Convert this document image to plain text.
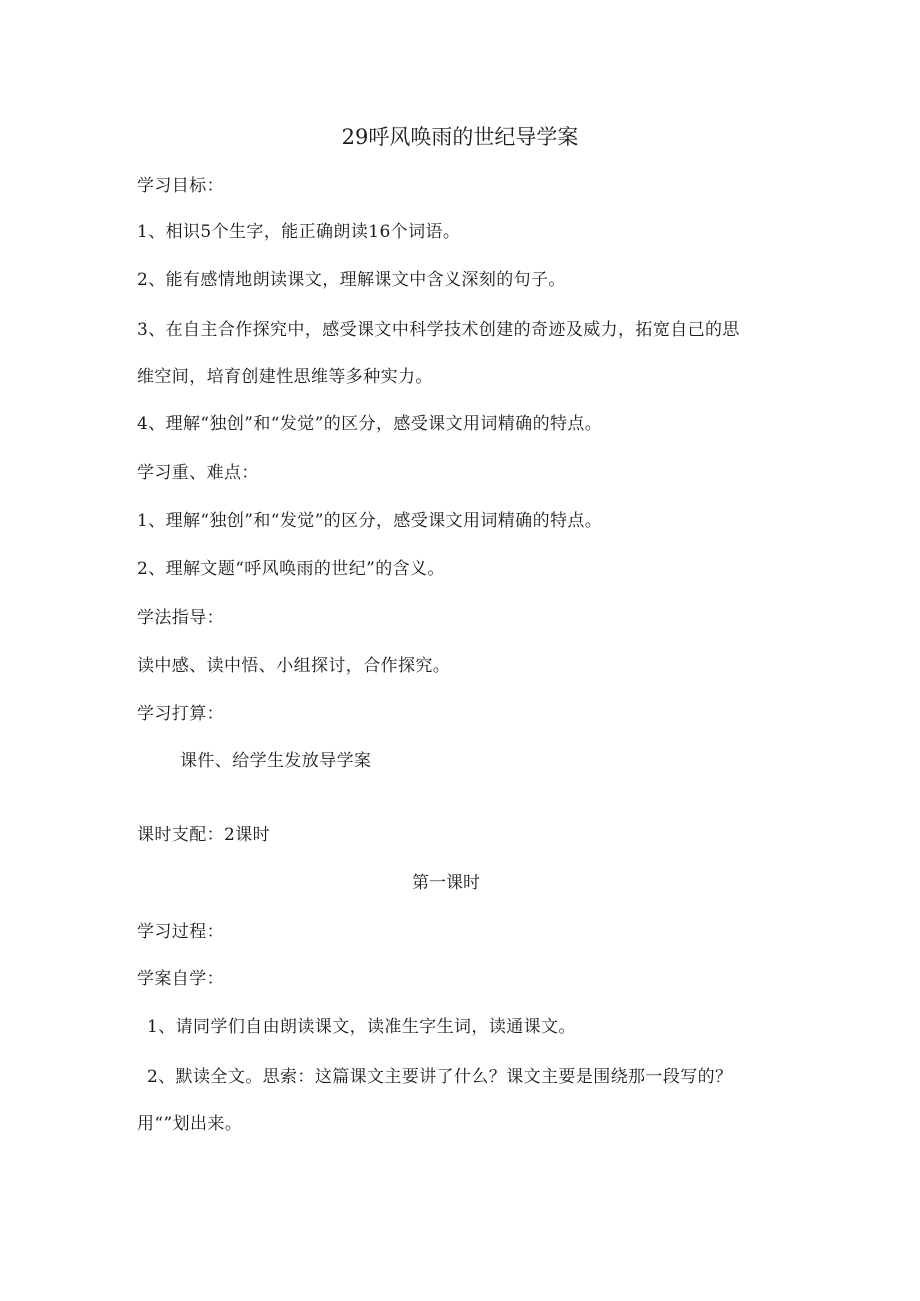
29呼风唤雨的世纪导学案
学习目标：
1、相识5个生字，能正确朗读16个词语。
2、能有感情地朗读课文，理解课文中含义深刻的句子。
3、在自主合作探究中，感受课文中科学技术创建的奇迹及威力，拓宽自己的思
维空间，培育创建性思维等多种实力。
4、理解“独创”和“发觉”的区分，感受课文用词精确的特点。
学习重、难点：
1、理解“独创”和“发觉”的区分，感受课文用词精确的特点。
2、理解文题“呼风唤雨的世纪”的含义。
学法指导：
读中感、读中悟、小组探讨，合作探究。
学习打算：
课件、给学生发放导学案
课时支配：2课时
第一课时
学习过程：
学案自学：
1、请同学们自由朗读课文，读准生字生词，读通课文。
2、默读全文。思索：这篇课文主要讲了什么？课文主要是围绕那一段写的？
用“”划出来。
